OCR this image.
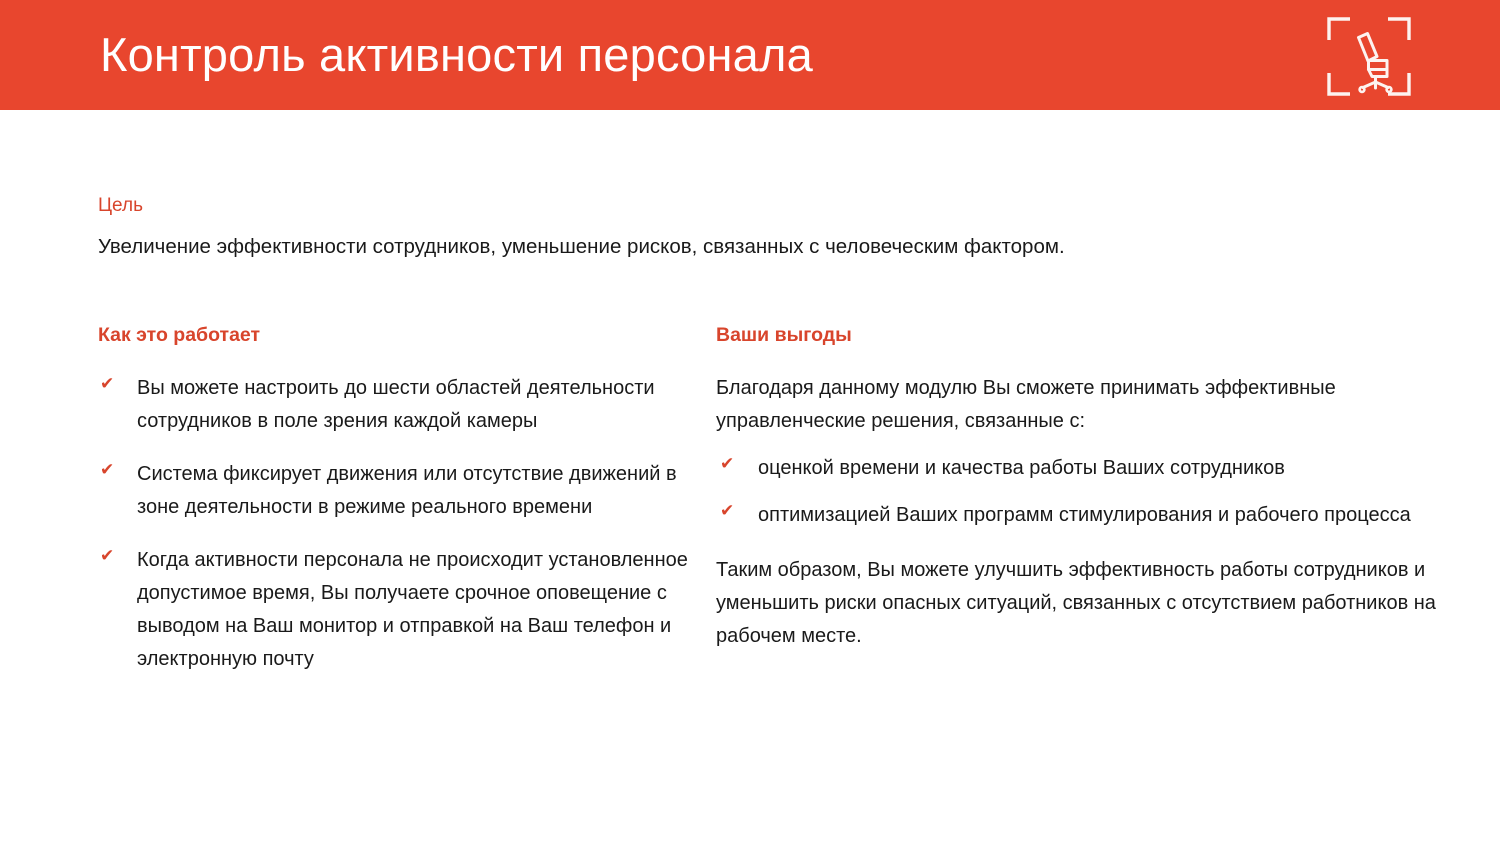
Контроль активности персонала
Цель
Увеличение эффективности сотрудников, уменьшение рисков, связанных с человеческим фактором.
Как это работает
✔	Вы можете настроить до шести областей деятельности сотрудников в поле зрения каждой камеры
✔	Система фиксирует движения или отсутствие движений в зоне деятельности в режиме реального времени
✔	Когда активности персонала не происходит установленное допустимое время, Вы получаете срочное оповещение с выводом на Ваш монитор и отправкой на Ваш телефон и электронную почту
Ваши выгоды

Благодаря данному модулю Вы сможете принимать эффективные управленческие решения, связанные с:

✔	оценкой времени и качества работы Ваших сотрудников
✔	оптимизацией Ваших программ стимулирования и рабочего процесса

Таким образом, Вы можете улучшить эффективность работы сотрудников и уменьшить риски опасных ситуаций, связанных с отсутствием работников на рабочем месте.
